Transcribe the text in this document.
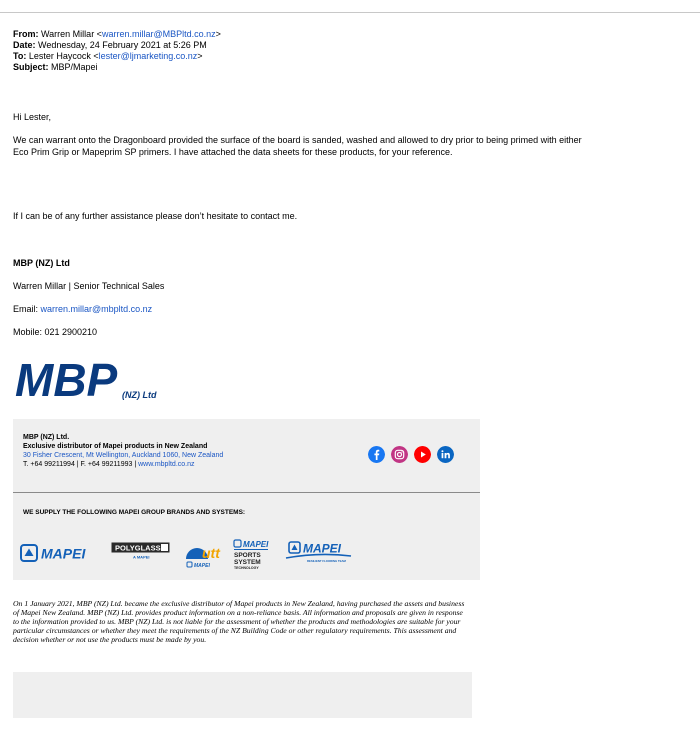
From: Warren Millar <warren.millar@MBPltd.co.nz>
Date: Wednesday, 24 February 2021 at 5:26 PM
To: Lester Haycock <lester@ljmarketing.co.nz>
Subject: MBP/Mapei
Hi Lester,
We can warrant onto the Dragonboard provided the surface of the board is sanded, washed and allowed to dry prior to being primed with either
Eco Prim Grip or Mapeprim SP primers. I have attached the data sheets for these products, for your reference.
If I can be of any further assistance please don’t hesitate to contact me.
MBP (NZ) Ltd
Warren Millar | Senior Technical Sales
Email: warren.millar@mbpltd.co.nz
Mobile: 021 2900210
MBP (NZ) Ltd
MBP (NZ) Ltd.
Exclusive distributor of Mapei products in New Zealand
30 Fisher Crescent, Mt Wellington, Auckland 1060, New Zealand
T. +64 99211994 | F. +64 99211993 | www.mbpltd.co.nz
WE SUPPLY THE FOLLOWING MAPEI GROUP BRANDS AND SYSTEMS:
MAPEI	POLYGLASS
A MAPEI	utt
MAPEI
MAPEI
SPORTS
SYSTEM
TECHNOLOGY
MAPEI
RESILIENT FLOORING TEAM
On 1 January 2021, MBP (NZ) Ltd. became the exclusive distributor of Mapei products in New Zealand, having purchased the assets and business of Mapei New Zealand. MBP (NZ) Ltd. provides product information on a non-reliance basis. All information and proposals are given in response to the information provided to us. MBP (NZ) Ltd. is not liable for the assessment of whether the products and methodologies are suitable for your particular circumstances or whether they meet the requirements of the NZ Building Code or other regulatory requirements. This assessment and decision whether or not use the products must be made by you.
